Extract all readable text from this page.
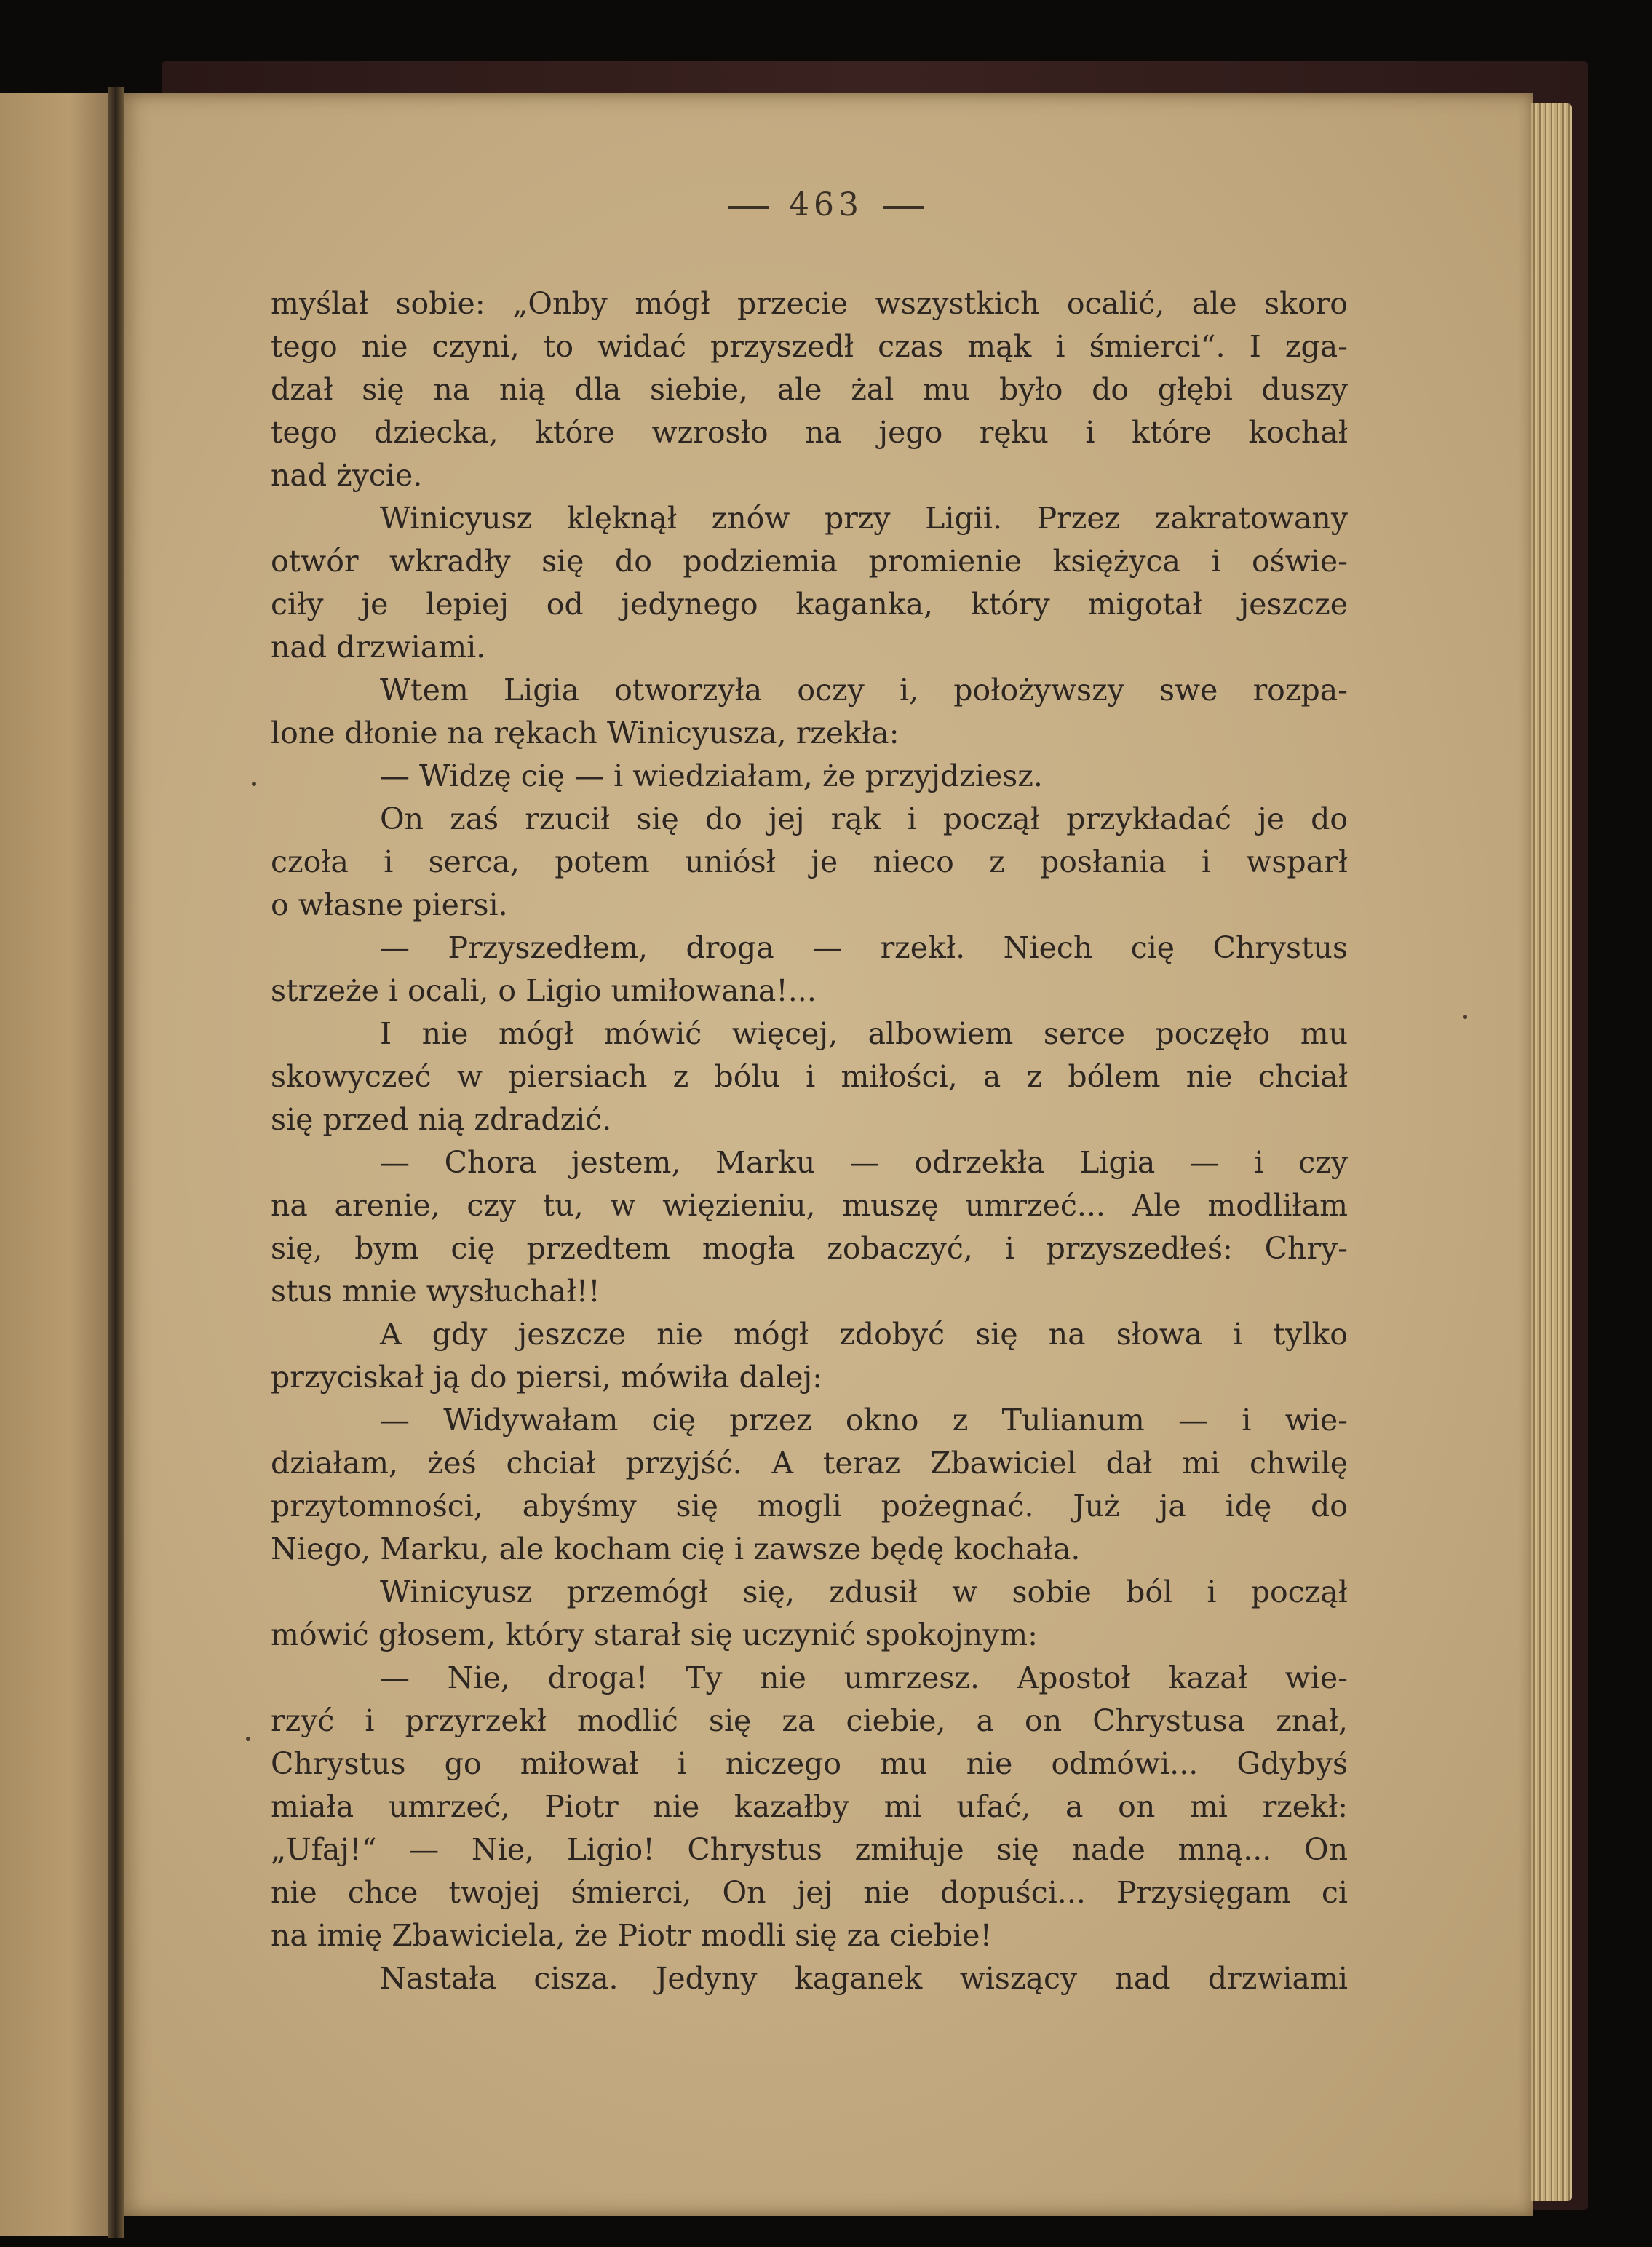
463
myślał sobie: „Onby mógł przecie wszystkich ocalić, ale skoro
tego nie czyni, to widać przyszedł czas mąk i śmierci“. I zga-
dzał się na nią dla siebie, ale żal mu było do głębi duszy
tego dziecka, które wzrosło na jego ręku i które kochał
nad życie.
Winicyusz klęknął znów przy Ligii. Przez zakratowany
otwór wkradły się do podziemia promienie księżyca i oświe-
ciły je lepiej od jedynego kaganka, który migotał jeszcze
nad drzwiami.
Wtem Ligia otworzyła oczy i, położywszy swe rozpa-
lone dłonie na rękach Winicyusza, rzekła:
— Widzę cię — i wiedziałam, że przyjdziesz.
On zaś rzucił się do jej rąk i począł przykładać je do
czoła i serca, potem uniósł je nieco z posłania i wsparł
o własne piersi.
— Przyszedłem, droga — rzekł. Niech cię Chrystus
strzeże i ocali, o Ligio umiłowana!...
I nie mógł mówić więcej, albowiem serce poczęło mu
skowyczeć w piersiach z bólu i miłości, a z bólem nie chciał
się przed nią zdradzić.
— Chora jestem, Marku — odrzekła Ligia — i czy
na arenie, czy tu, w więzieniu, muszę umrzeć... Ale modliłam
się, bym cię przedtem mogła zobaczyć, i przyszedłeś: Chry-
stus mnie wysłuchał!!
A gdy jeszcze nie mógł zdobyć się na słowa i tylko
przyciskał ją do piersi, mówiła dalej:
— Widywałam cię przez okno z Tulianum — i wie-
działam, żeś chciał przyjść. A teraz Zbawiciel dał mi chwilę
przytomności, abyśmy się mogli pożegnać. Już ja idę do
Niego, Marku, ale kocham cię i zawsze będę kochała.
Winicyusz przemógł się, zdusił w sobie ból i począł
mówić głosem, który starał się uczynić spokojnym:
— Nie, droga! Ty nie umrzesz. Apostoł kazał wie-
rzyć i przyrzekł modlić się za ciebie, a on Chrystusa znał,
Chrystus go miłował i niczego mu nie odmówi... Gdybyś
miała umrzeć, Piotr nie kazałby mi ufać, a on mi rzekł:
„Ufaj!“ — Nie, Ligio! Chrystus zmiłuje się nade mną... On
nie chce twojej śmierci, On jej nie dopuści... Przysięgam ci
na imię Zbawiciela, że Piotr modli się za ciebie!
Nastała cisza. Jedyny kaganek wiszący nad drzwiami
